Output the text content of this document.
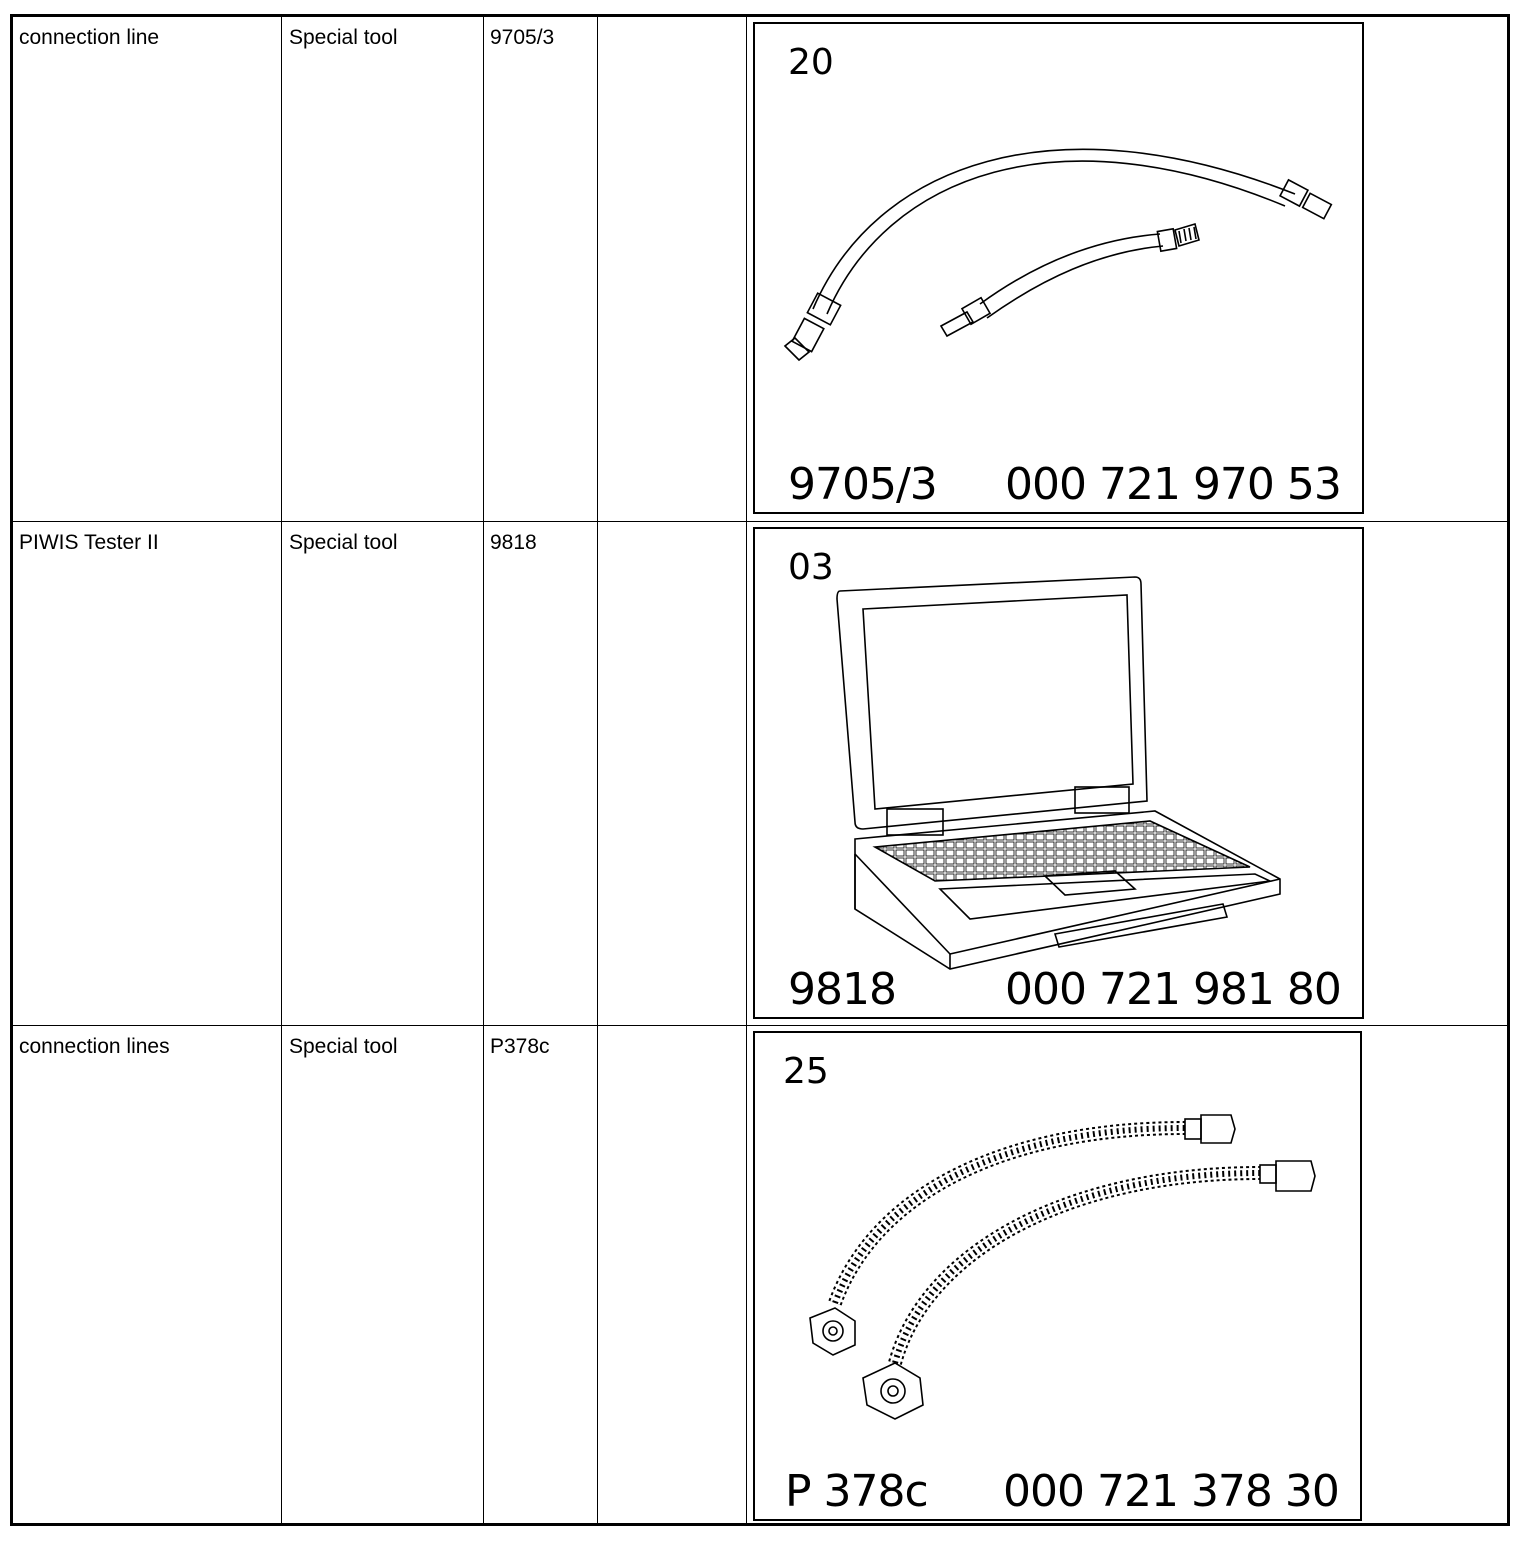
connection line	Special tool	9705/3
20
9705/3 000 721 970 53
PIWIS Tester II	Special tool	9818
03
9818 000 721 981 80
connection lines	Special tool	P378c
25
P 378c 000 721 378 30
